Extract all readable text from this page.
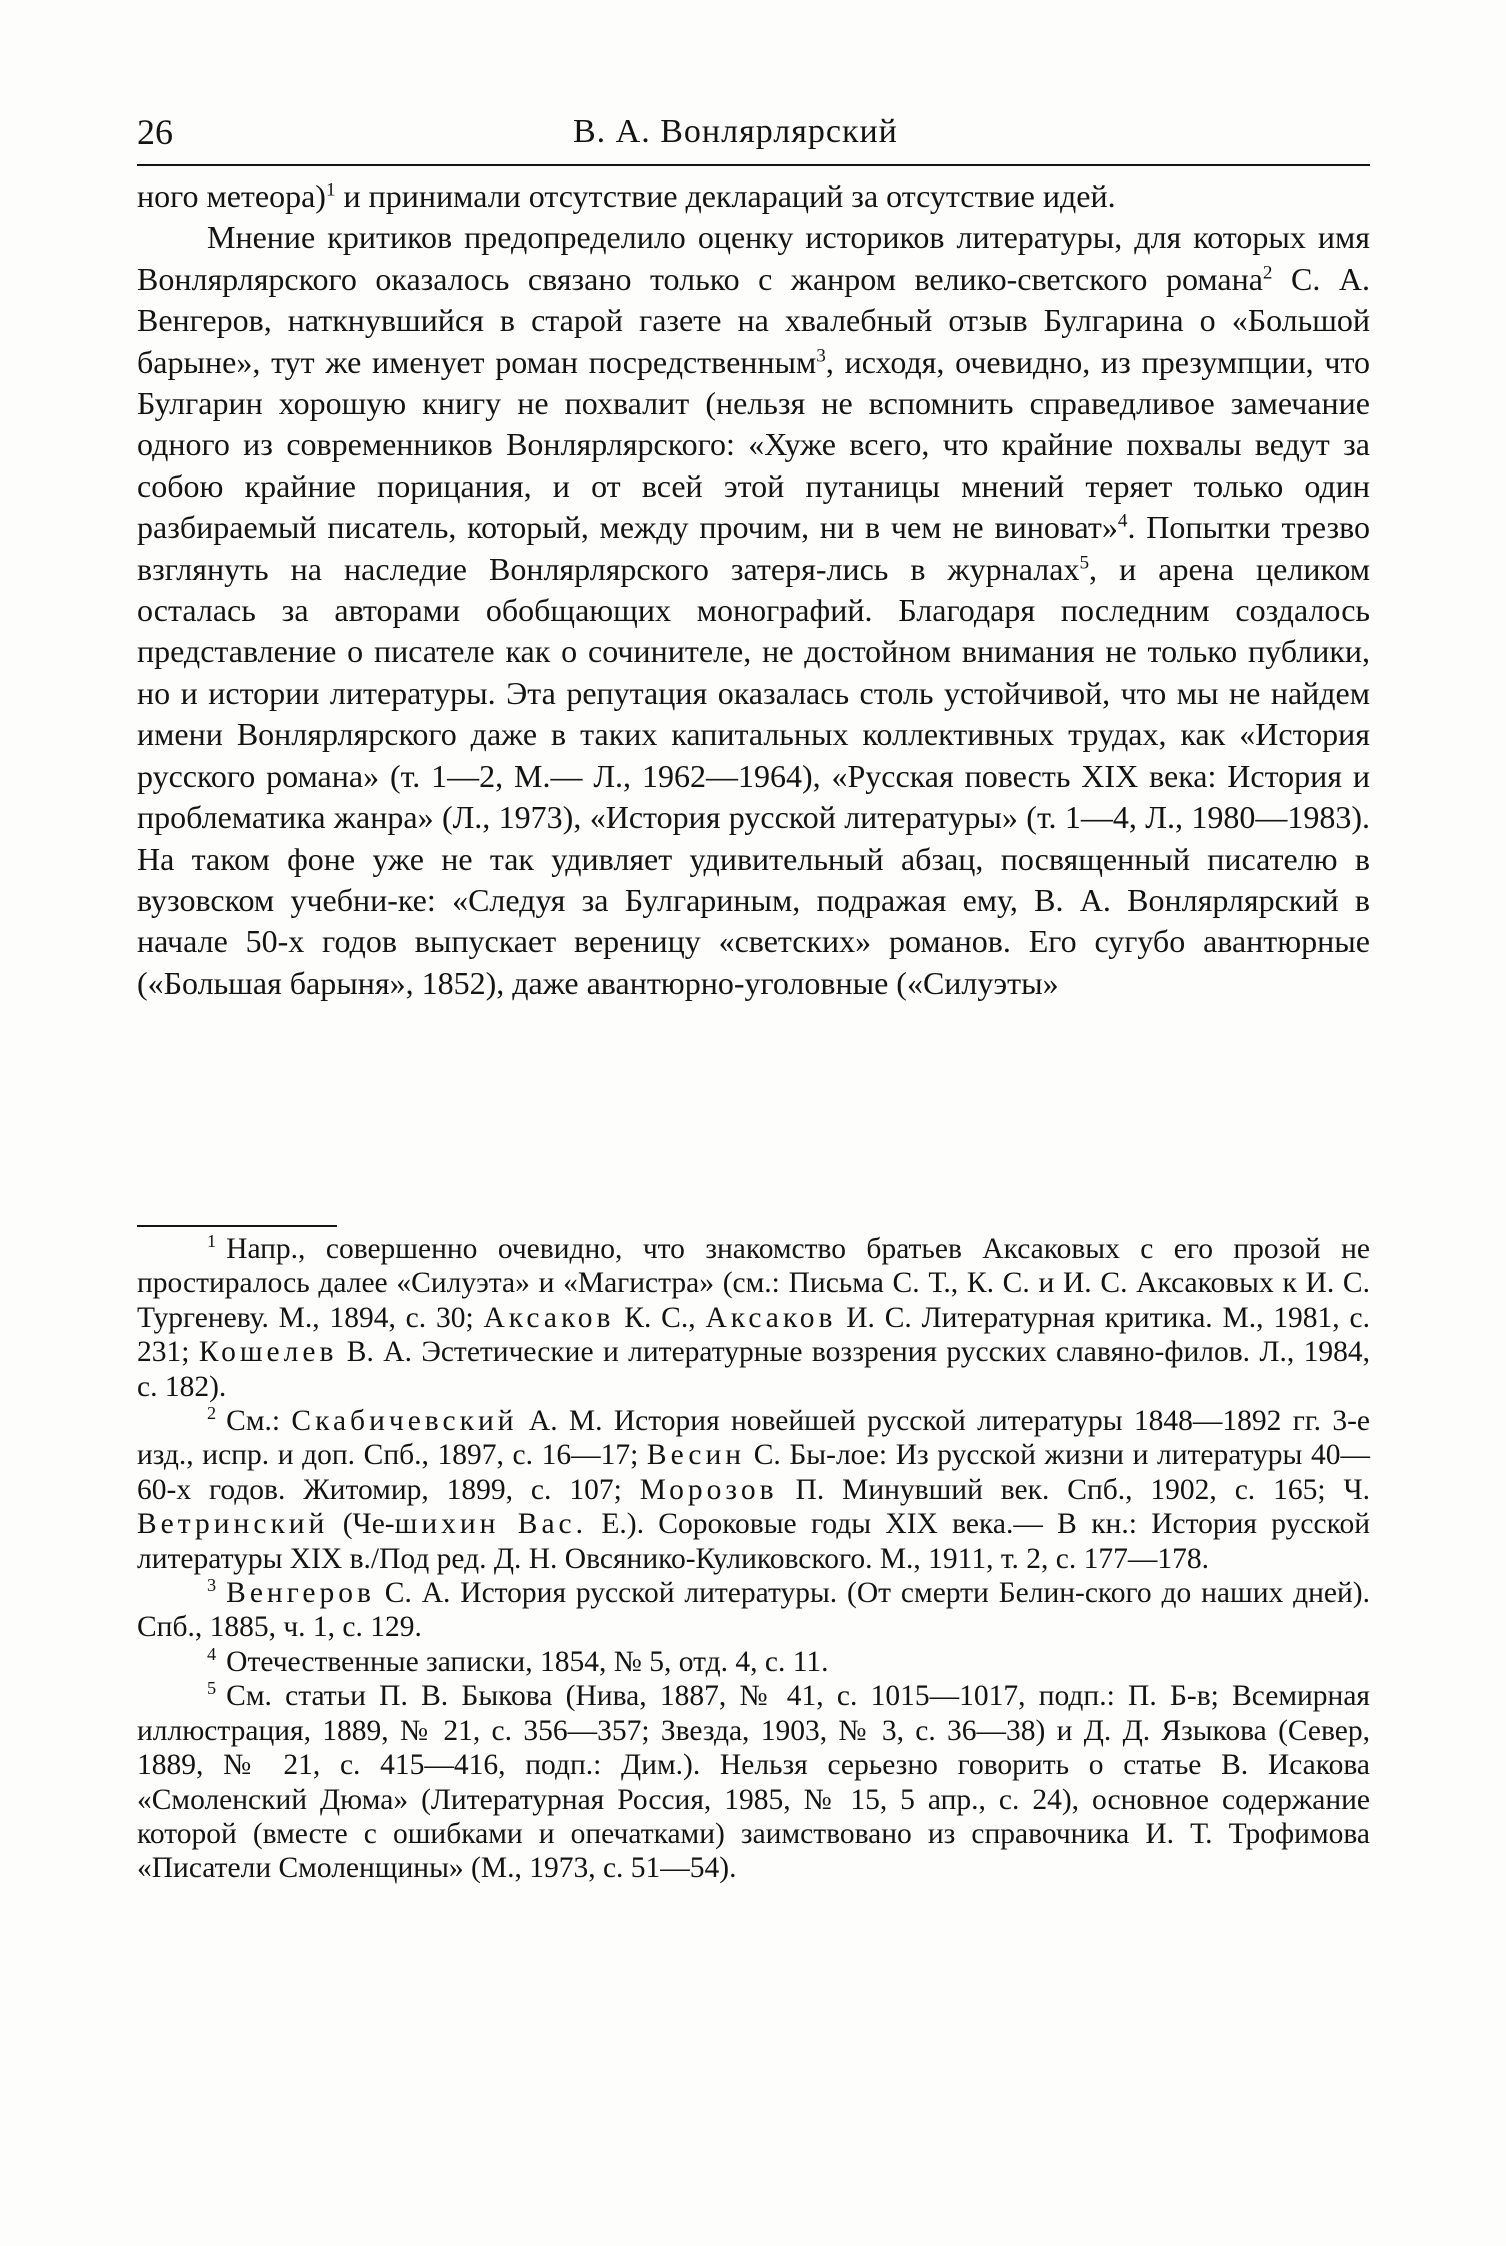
26	В. А. Вонлярлярский

ного метеора)$^1$ и принимали отсутствие деклараций за отсутствие идей.

Мнение критиков предопределило оценку историков литературы, для которых имя Вонлярлярского оказалось связано только с жанром велико-светского романа$^2$ С. А. Венгеров, наткнувшийся в старой газете на хвалебный отзыв Булгарина о «Большой барыне», тут же именует роман посредственным$^3$, исходя, очевидно, из презумпции, что Булгарин хорошую книгу не похвалит (нельзя не вспомнить справедливое замечание одного из современников Вонлярлярского: «Хуже всего, что крайние похвалы ведут за собою крайние порицания, и от всей этой путаницы мнений теряет только один разбираемый писатель, который, между прочим, ни в чем не виноват»$^4$. Попытки трезво взглянуть на наследие Вонлярлярского затеря-лись в журналах$^5$, и арена целиком осталась за авторами обобщающих монографий. Благодаря последним создалось представление о писателе как о сочинителе, не достойном внимания не только публики, но и истории литературы. Эта репутация оказалась столь устойчивой, что мы не найдем имени Вонлярлярского даже в таких капитальных коллективных трудах, как «История русского романа» (т. 1—2, М.— Л., 1962—1964), «Русская повесть XIX века: История и проблематика жанра» (Л., 1973), «История русской литературы» (т. 1—4, Л., 1980—1983). На таком фоне уже не так удивляет удивительный абзац, посвященный писателю в вузовском учебни-ке: «Следуя за Булгариным, подражая ему, В. А. Вонлярлярский в начале 50-х годов выпускает вереницу «светских» романов. Его сугубо авантюрные («Большая барыня», 1852), даже авантюрно-уголовные («Силуэты»

$^1$ Напр., совершенно очевидно, что знакомство братьев Аксаковых с его прозой не простиралось далее «Силуэта» и «Магистра» (см.: Письма С. Т., К. С. и И. С. Аксаковых к И. С. Тургеневу. М., 1894, с. 30; Аксаков К. С., Аксаков И. С. Литературная критика. М., 1981, с. 231; Кошелев В. А. Эстетические и литературные воззрения русских славяно-филов. Л., 1984, с. 182).

$^2$ См.: Скабичевский А. М. История новейшей русской литературы 1848—1892 гг. 3-е изд., испр. и доп. Спб., 1897, с. 16—17; Весин С. Бы-лое: Из русской жизни и литературы 40—60-х годов. Житомир, 1899, с. 107; Морозов П. Минувший век. Спб., 1902, с. 165; Ч. Ветринский (Че-шихин Вас. Е.). Сороковые годы XIX века.— В кн.: История русской литературы XIX в./Под ред. Д. Н. Овсянико-Куликовского. М., 1911, т. 2, с. 177—178.

$^3$ Венгеров С. А. История русской литературы. (От смерти Белин-ского до наших дней). Спб., 1885, ч. 1, с. 129.

$^4$ Отечественные записки, 1854, № 5, отд. 4, с. 11.

$^5$ См. статьи П. В. Быкова (Нива, 1887, № 41, с. 1015—1017, подп.: П. Б-в; Всемирная иллюстрация, 1889, № 21, с. 356—357; Звезда, 1903, № 3, с. 36—38) и Д. Д. Языкова (Север, 1889, № 21, с. 415—416, подп.: Дим.). Нельзя серьезно говорить о статье В. Исакова «Смоленский Дюма» (Литературная Россия, 1985, № 15, 5 апр., с. 24), основное содержание которой (вместе с ошибками и опечатками) заимствовано из справочника И. Т. Трофимова «Писатели Смоленщины» (М., 1973, с. 51—54).
